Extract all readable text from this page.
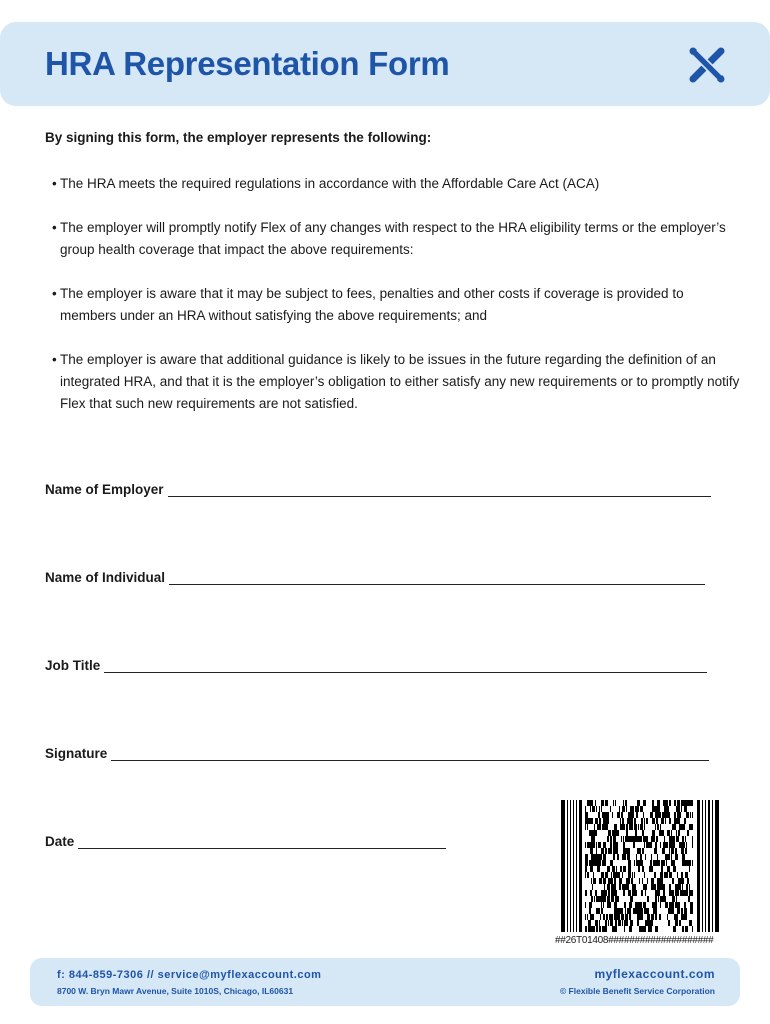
HRA Representation Form
By signing this form, the employer represents the following:
• The HRA meets the required regulations in accordance with the Affordable Care Act (ACA)
• The employer will promptly notify Flex of any changes with respect to the HRA eligibility terms or the employer’s group health coverage that impact the above requirements:
• The employer is aware that it may be subject to fees, penalties and other costs if coverage is provided to members under an HRA without satisfying the above requirements; and
• The employer is aware that additional guidance is likely to be issues in the future regarding the definition of an integrated HRA, and that it is the employer’s obligation to either satisfy any new requirements or to promptly notify Flex that such new requirements are not satisfied.
Name of Employer
Name of Individual
Job Title
Signature
Date
##26T01408####################
f: 844-859-7306 // service@myflexaccount.com
8700 W. Bryn Mawr Avenue, Suite 1010S, Chicago, IL60631
myflexaccount.com
© Flexible Benefit Service Corporation
